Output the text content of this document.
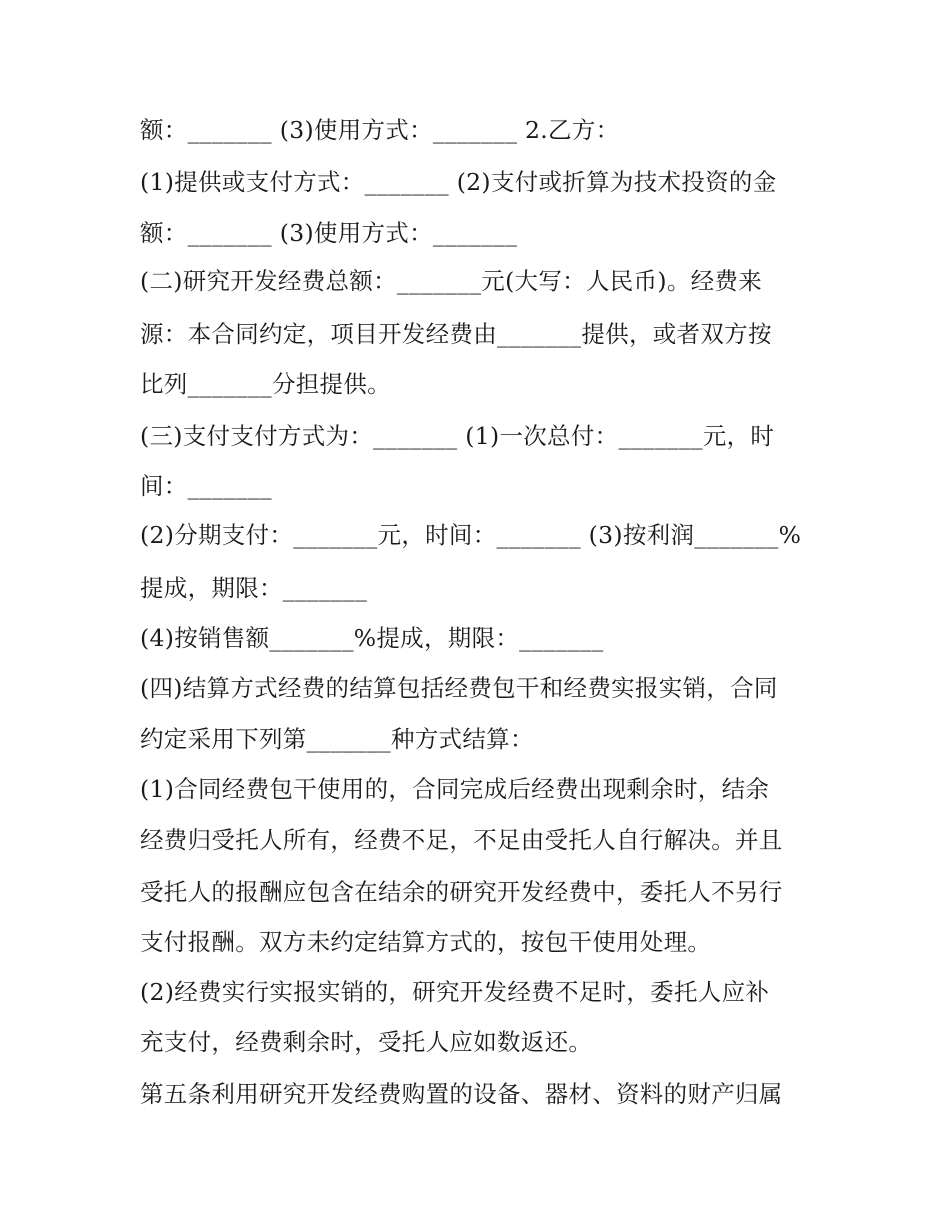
额：_______ (3)使用方式：_______ 2.乙方：
(1)提供或支付方式：_______ (2)支付或折算为技术投资的金
额：_______ (3)使用方式：_______
(二)研究开发经费总额：_______元(大写：人民币)。经费来
源：本合同约定，项目开发经费由_______提供，或者双方按
比列_______分担提供。
(三)支付支付方式为：_______ (1)一次总付：_______元，时
间：_______
(2)分期支付：_______元，时间：_______ (3)按利润_______%
提成，期限：_______
(4)按销售额_______%提成，期限：_______
(四)结算方式经费的结算包括经费包干和经费实报实销，合同
约定采用下列第_______种方式结算：
(1)合同经费包干使用的，合同完成后经费出现剩余时，结余
经费归受托人所有，经费不足，不足由受托人自行解决。并且
受托人的报酬应包含在结余的研究开发经费中，委托人不另行
支付报酬。双方未约定结算方式的，按包干使用处理。
(2)经费实行实报实销的，研究开发经费不足时，委托人应补
充支付，经费剩余时，受托人应如数返还。
第五条利用研究开发经费购置的设备、器材、资料的财产归属
